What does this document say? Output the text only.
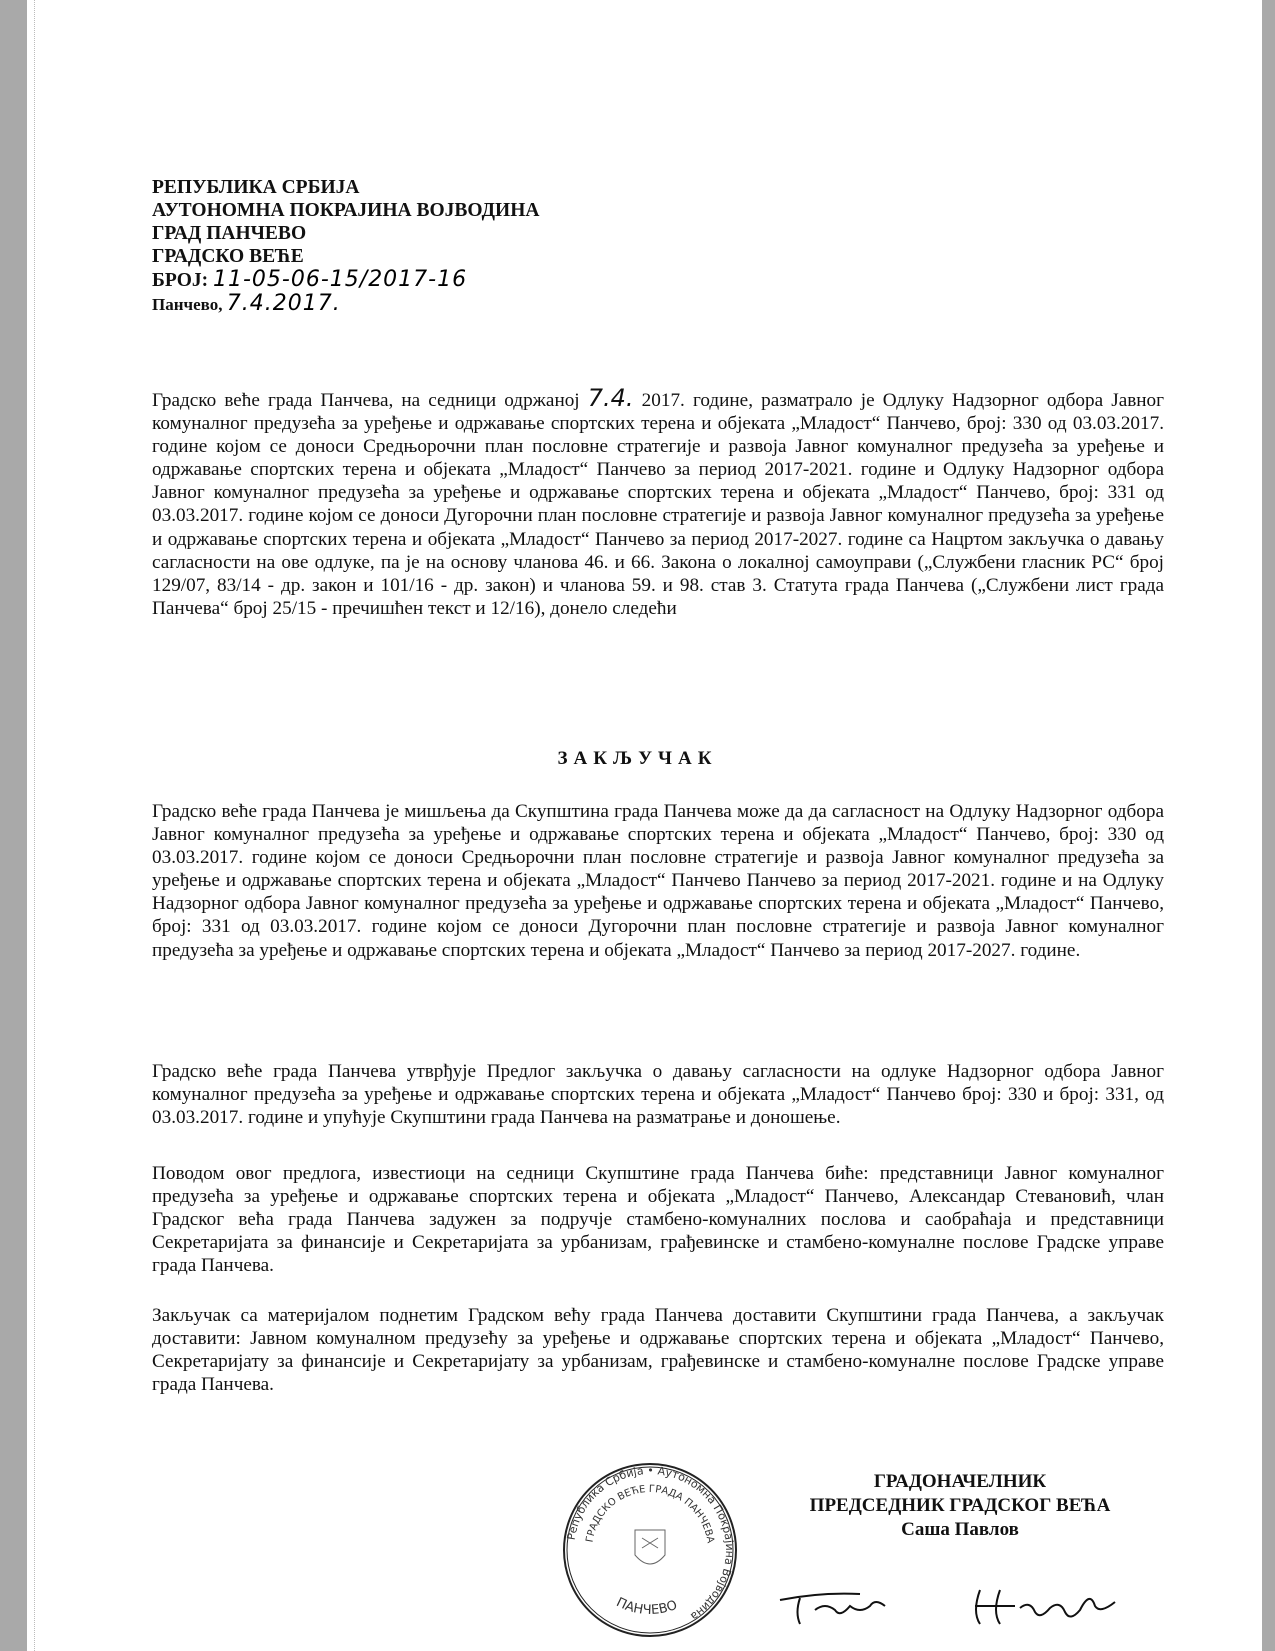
РЕПУБЛИКА СРБИЈА
АУТОНОМНА ПОКРАЈИНА ВОЈВОДИНА
ГРАД ПАНЧЕВО
ГРАДСКО ВЕЋЕ
БРОЈ: 11-05-06-15/2017-16
Панчево, 7.4.2017.
Градско веће града Панчева, на седници одржаној 7.4. 2017. године, разматрало је Одлуку Надзорног одбора Јавног комуналног предузећа за уређење и одржавање спортских терена и објеката „Младост“ Панчево, број: 330 од 03.03.2017. године којом се доноси Средњорочни план пословне стратегије и развоја Јавног комуналног предузећа за уређење и одржавање спортских терена и објеката „Младост“ Панчево за период 2017-2021. године и Одлуку Надзорног одбора Јавног комуналног предузећа за уређење и одржавање спортских терена и објеката „Младост“ Панчево, број: 331 од 03.03.2017. године којом се доноси Дугорочни план пословне стратегије и развоја Јавног комуналног предузећа за уређење и одржавање спортских терена и објеката „Младост“ Панчево за период 2017-2027. године са Нацртом закључка о давању сагласности на ове одлуке, па је на основу чланова 46. и 66. Закона о локалној самоуправи („Службени гласник РС“ број 129/07, 83/14 - др. закон и 101/16 - др. закон) и чланова 59. и 98. став 3. Статута града Панчева („Службени лист града Панчева“ број 25/15 - пречишћен текст и 12/16), донело следећи
ЗАКЉУЧАК
Градско веће града Панчева је мишљења да Скупштина града Панчева може да да сагласност на Одлуку Надзорног одбора Јавног комуналног предузећа за уређење и одржавање спортских терена и објеката „Младост“ Панчево, број: 330 од 03.03.2017. године којом се доноси Средњорочни план пословне стратегије и развоја Јавног комуналног предузећа за уређење и одржавање спортских терена и објеката „Младост“ Панчево Панчево за период 2017-2021. године и на Одлуку Надзорног одбора Јавног комуналног предузећа за уређење и одржавање спортских терена и објеката „Младост“ Панчево, број: 331 од 03.03.2017. године којом се доноси Дугорочни план пословне стратегије и развоја Јавног комуналног предузећа за уређење и одржавање спортских терена и објеката „Младост“ Панчево за период 2017-2027. године.
Градско веће града Панчева утврђује Предлог закључка о давању сагласности на одлуке Надзорног одбора Јавног комуналног предузећа за уређење и одржавање спортских терена и објеката „Младост“ Панчево број: 330 и број: 331, од 03.03.2017. године и упућује Скупштини града Панчева на разматрање и доношење.
Поводом овог предлога, известиоци на седници Скупштине града Панчева биће: представници Јавног комуналног предузећа за уређење и одржавање спортских терена и објеката „Младост“ Панчево, Александар Стевановић, члан Градског већа града Панчева задужен за подручје стамбено-комуналних послова и саобраћаја и представници Секретаријата за финансије и Секретаријата за урбанизам, грађевинске и стамбено-комуналне послове Градске управе града Панчева.
Закључак са материјалом поднетим Градском већу града Панчева доставити Скупштини града Панчева, а закључак доставити: Јавном комуналном предузећу за уређење и одржавање спортских терена и објеката „Младост“ Панчево, Секретаријату за финансије и Секретаријату за урбанизам, грађевинске и стамбено-комуналне послове Градске управе града Панчева.
Република Србија • Аутономна Покрајина Војводина
ГРАДСКО ВЕЋЕ ГРАДА ПАНЧЕВА
ПАНЧЕВО
ГРАДОНАЧЕЛНИК
ПРЕДСЕДНИК ГРАДСКОГ ВЕЋА
Саша Павлов
